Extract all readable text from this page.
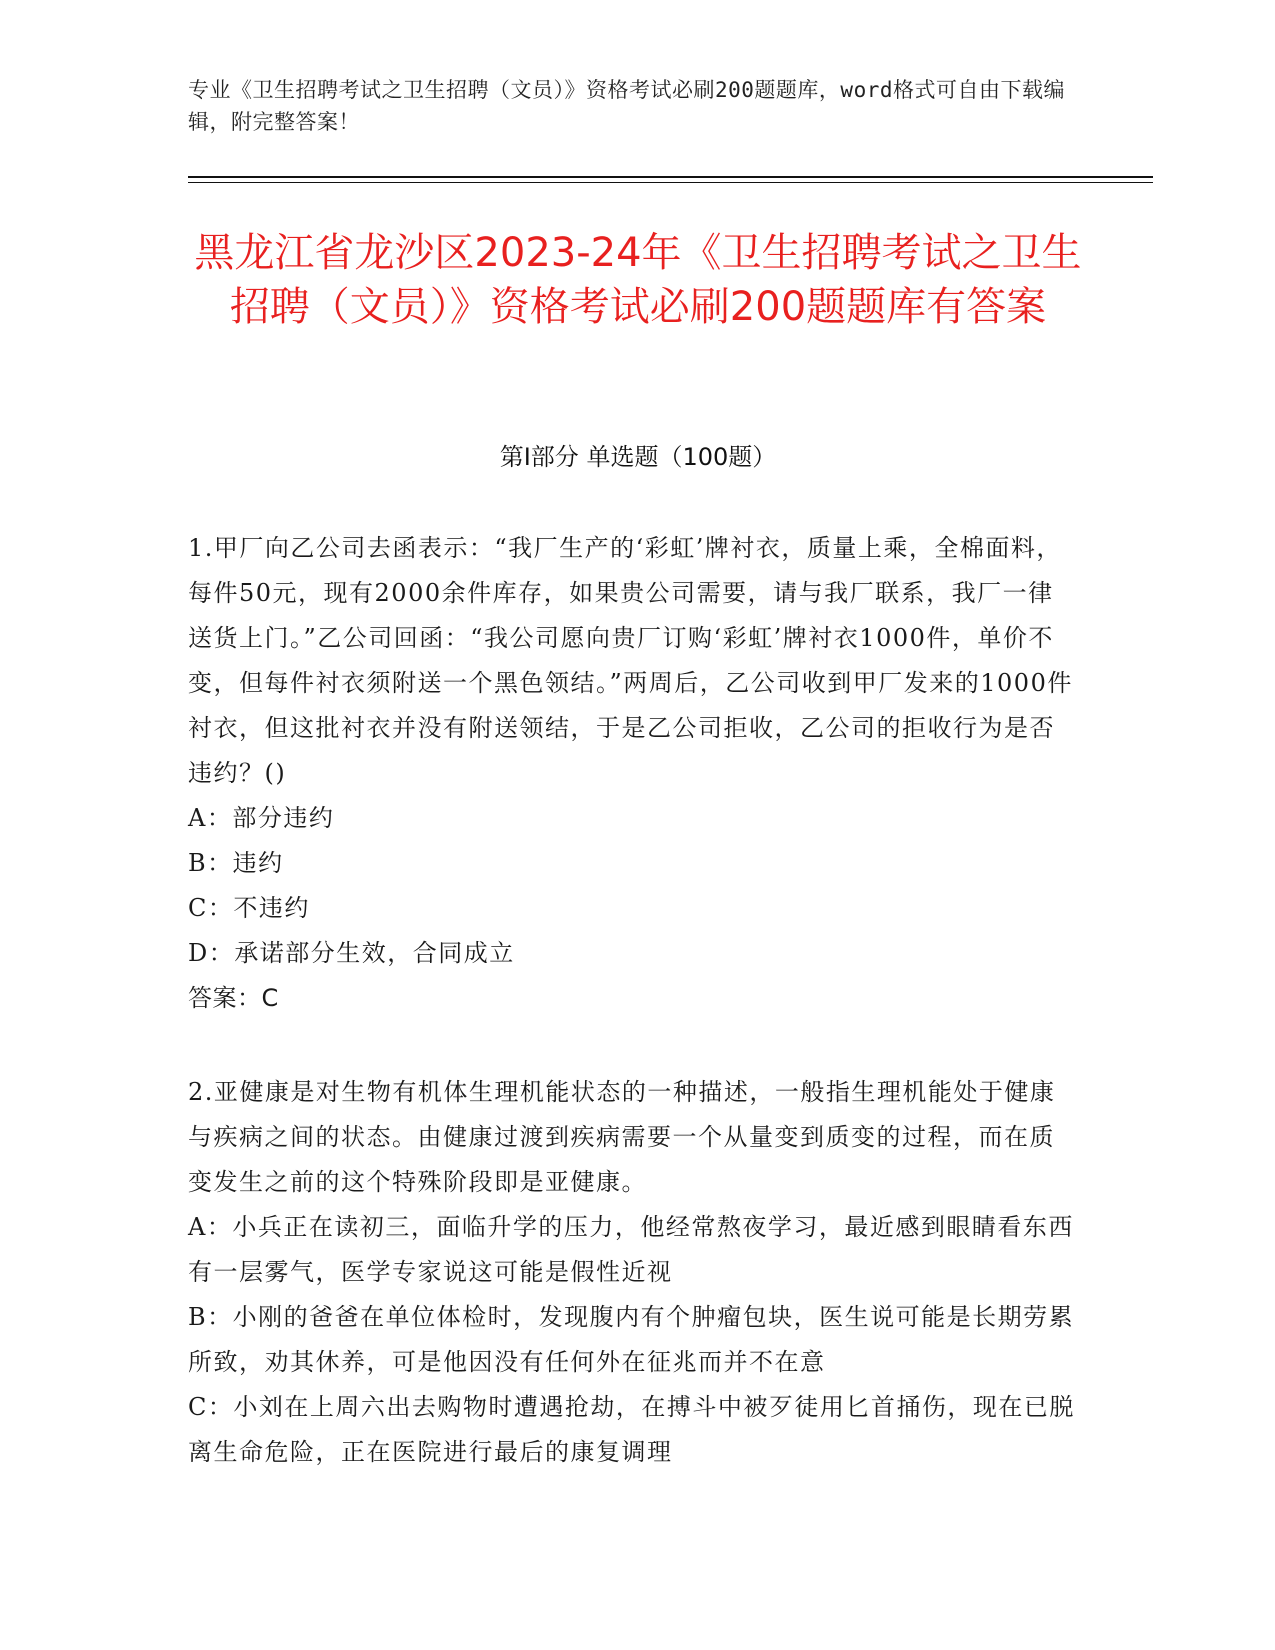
专业《卫生招聘考试之卫生招聘（文员）》资格考试必刷200题题库，word格式可自由下载编辑，附完整答案！
黑龙江省龙沙区2023-24年《卫生招聘考试之卫生招聘（文员）》资格考试必刷200题题库有答案
第Ⅰ部分 单选题（100题）
1.甲厂向乙公司去函表示：“我厂生产的‘彩虹’牌衬衣，质量上乘，全棉面料，每件50元，现有2000余件库存，如果贵公司需要，请与我厂联系，我厂一律送货上门。”乙公司回函：“我公司愿向贵厂订购‘彩虹’牌衬衣1000件，单价不变，但每件衬衣须附送一个黑色领结。”两周后，乙公司收到甲厂发来的1000件衬衣，但这批衬衣并没有附送领结，于是乙公司拒收，乙公司的拒收行为是否违约？()
A：部分违约
B：违约
C：不违约
D：承诺部分生效，合同成立
答案：C
2.亚健康是对生物有机体生理机能状态的一种描述，一般指生理机能处于健康与疾病之间的状态。由健康过渡到疾病需要一个从量变到质变的过程，而在质变发生之前的这个特殊阶段即是亚健康。
A：小兵正在读初三，面临升学的压力，他经常熬夜学习，最近感到眼睛看东西有一层雾气，医学专家说这可能是假性近视
B：小刚的爸爸在单位体检时，发现腹内有个肿瘤包块，医生说可能是长期劳累所致，劝其休养，可是他因没有任何外在征兆而并不在意
C：小刘在上周六出去购物时遭遇抢劫，在搏斗中被歹徒用匕首捅伤，现在已脱离生命危险，正在医院进行最后的康复调理
